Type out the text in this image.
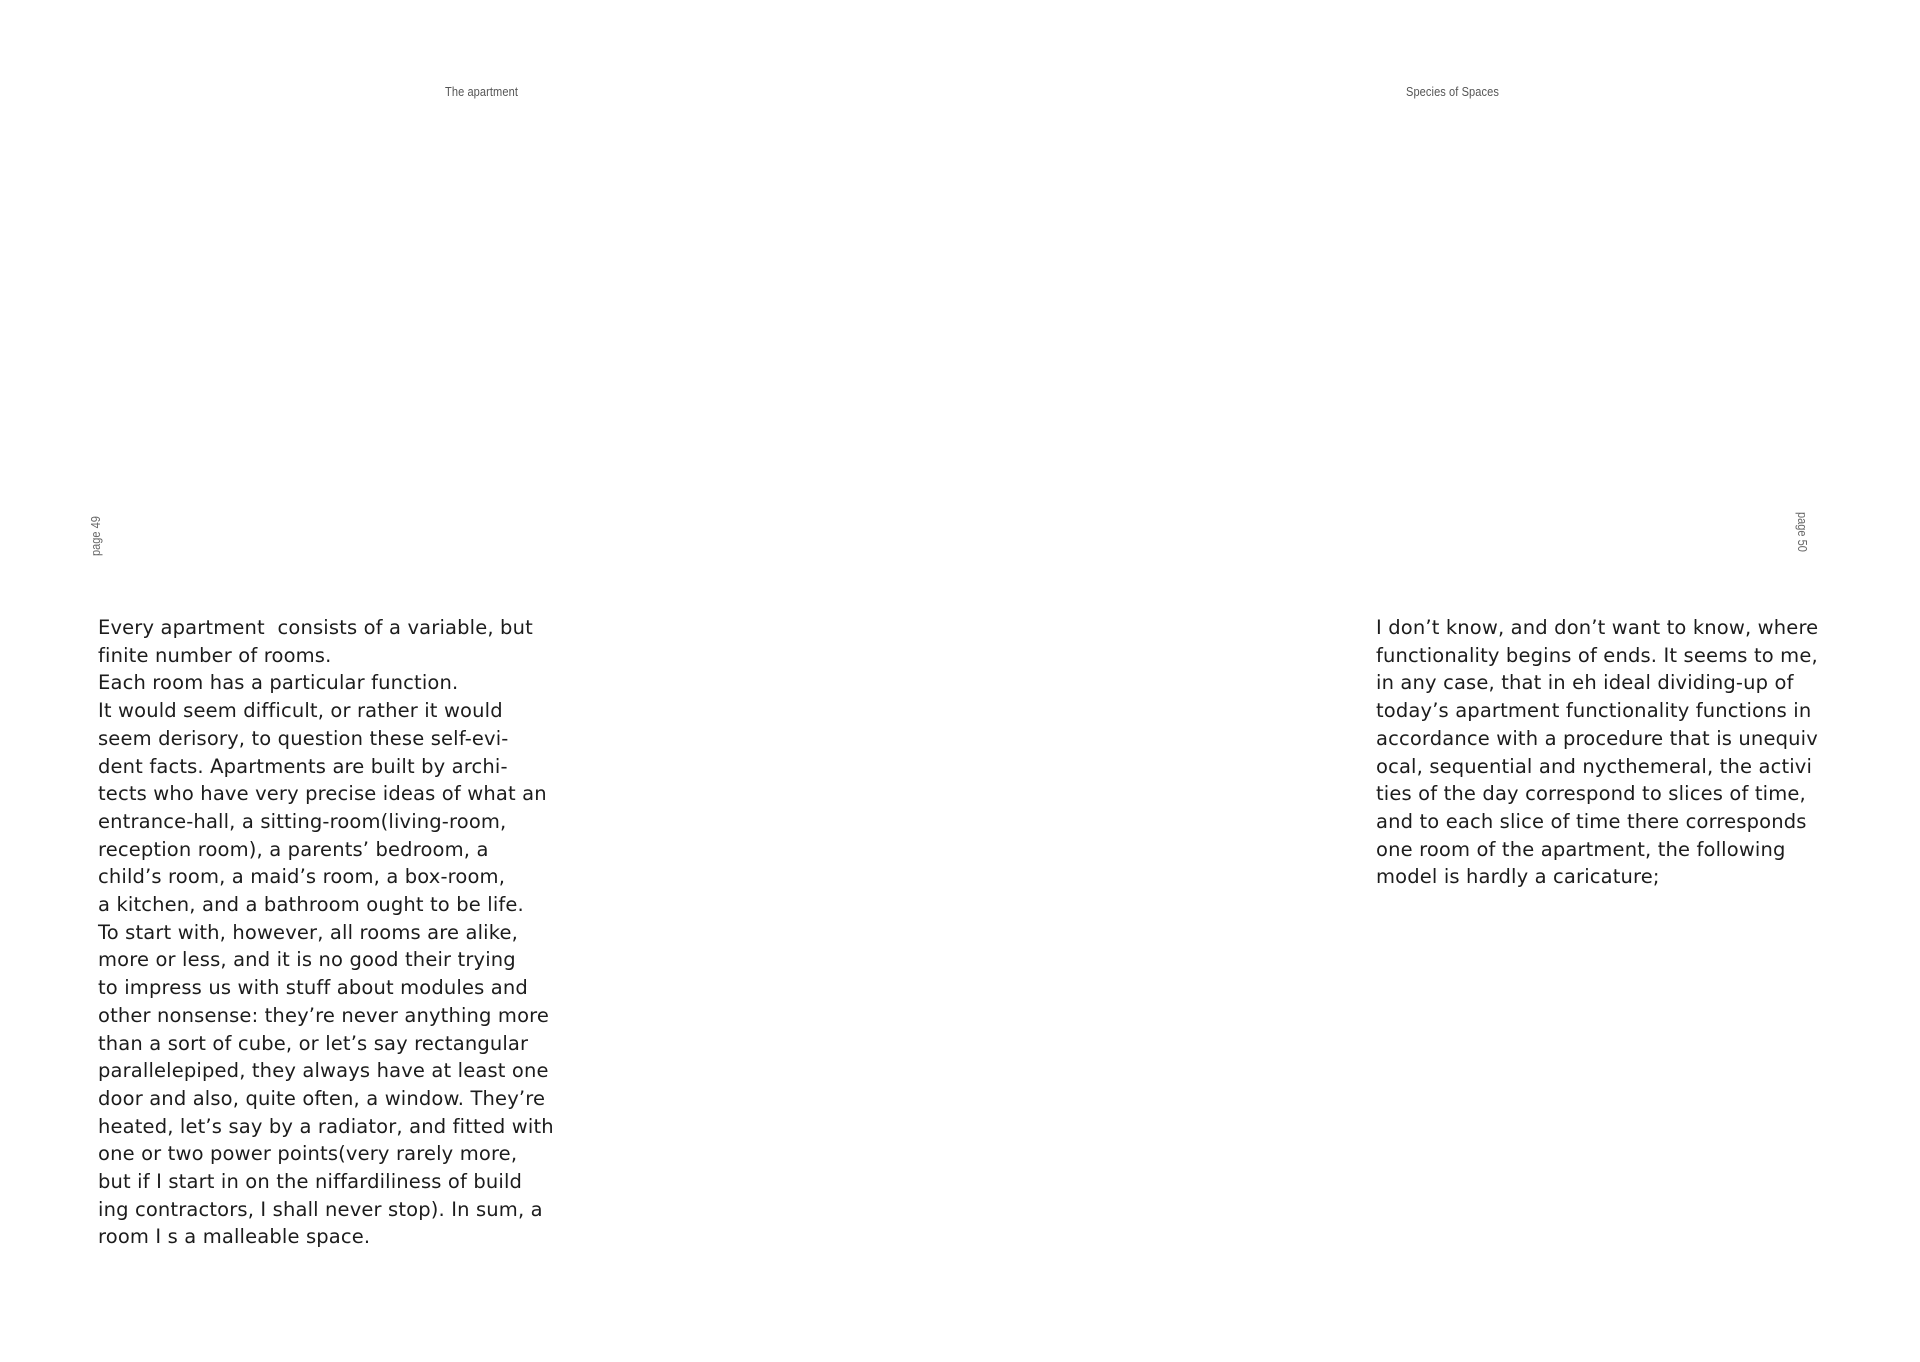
The apartment
page 49
Every apartment  consists of a variable, but
finite number of rooms.
Each room has a particular function.
It would seem difficult, or rather it would
seem derisory, to question these self-evi-
dent facts. Apartments are built by archi-
tects who have very precise ideas of what an
entrance-hall, a sitting-room(living-room,
reception room), a parents’ bedroom, a
child’s room, a maid’s room, a box-room,
a kitchen, and a bathroom ought to be life.
To start with, however, all rooms are alike,
more or less, and it is no good their trying
to impress us with stuff about modules and
other nonsense: they’re never anything more
than a sort of cube, or let’s say rectangular
parallelepiped, they always have at least one
door and also, quite often, a window. They’re
heated, let’s say by a radiator, and fitted with
one or two power points(very rarely more,
but if I start in on the niffardiliness of build
ing contractors, I shall never stop). In sum, a
room I s a malleable space.
Species of Spaces
page 50
I don’t know, and don’t want to know, where
functionality begins of ends. It seems to me,
in any case, that in eh ideal dividing-up of
today’s apartment functionality functions in
accordance with a procedure that is unequiv
ocal, sequential and nycthemeral, the activi
ties of the day correspond to slices of time,
and to each slice of time there corresponds
one room of the apartment, the following
model is hardly a caricature;
